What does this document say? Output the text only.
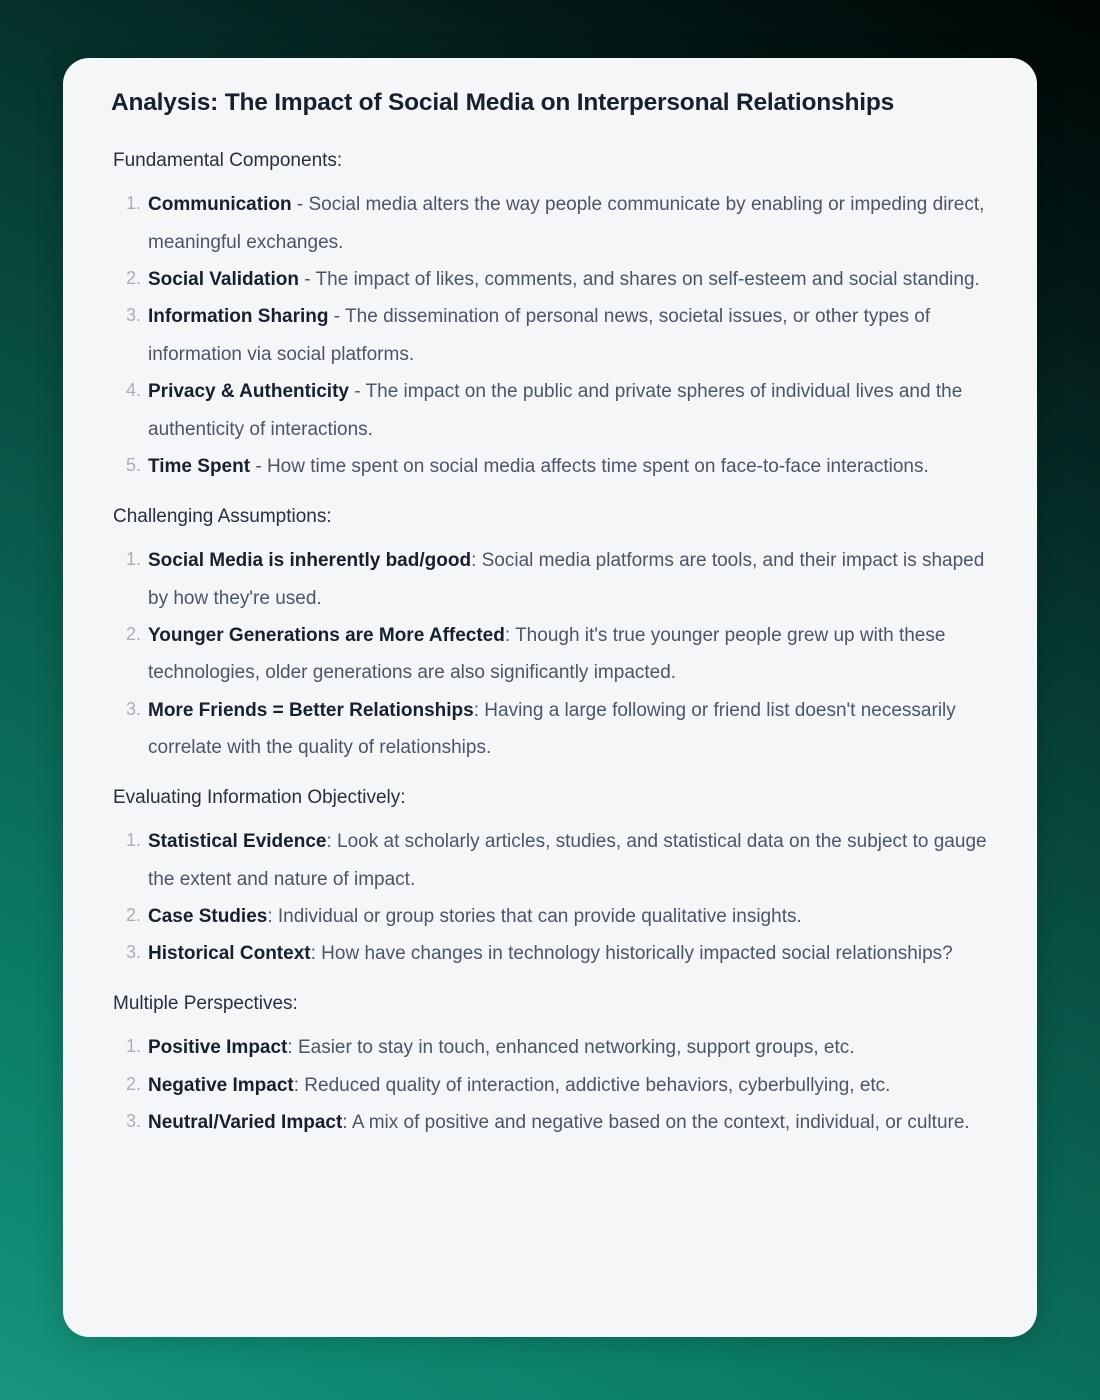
Analysis: The Impact of Social Media on Interpersonal Relationships
Fundamental Components:
Communication - Social media alters the way people communicate by enabling or impeding direct, meaningful exchanges.
Social Validation - The impact of likes, comments, and shares on self-esteem and social standing.
Information Sharing - The dissemination of personal news, societal issues, or other types of information via social platforms.
Privacy & Authenticity - The impact on the public and private spheres of individual lives and the authenticity of interactions.
Time Spent - How time spent on social media affects time spent on face-to-face interactions.
Challenging Assumptions:
Social Media is inherently bad/good: Social media platforms are tools, and their impact is shaped by how they're used.
Younger Generations are More Affected: Though it's true younger people grew up with these technologies, older generations are also significantly impacted.
More Friends = Better Relationships: Having a large following or friend list doesn't necessarily correlate with the quality of relationships.
Evaluating Information Objectively:
Statistical Evidence: Look at scholarly articles, studies, and statistical data on the subject to gauge the extent and nature of impact.
Case Studies: Individual or group stories that can provide qualitative insights.
Historical Context: How have changes in technology historically impacted social relationships?
Multiple Perspectives:
Positive Impact: Easier to stay in touch, enhanced networking, support groups, etc.
Negative Impact: Reduced quality of interaction, addictive behaviors, cyberbullying, etc.
Neutral/Varied Impact: A mix of positive and negative based on the context, individual, or culture.
